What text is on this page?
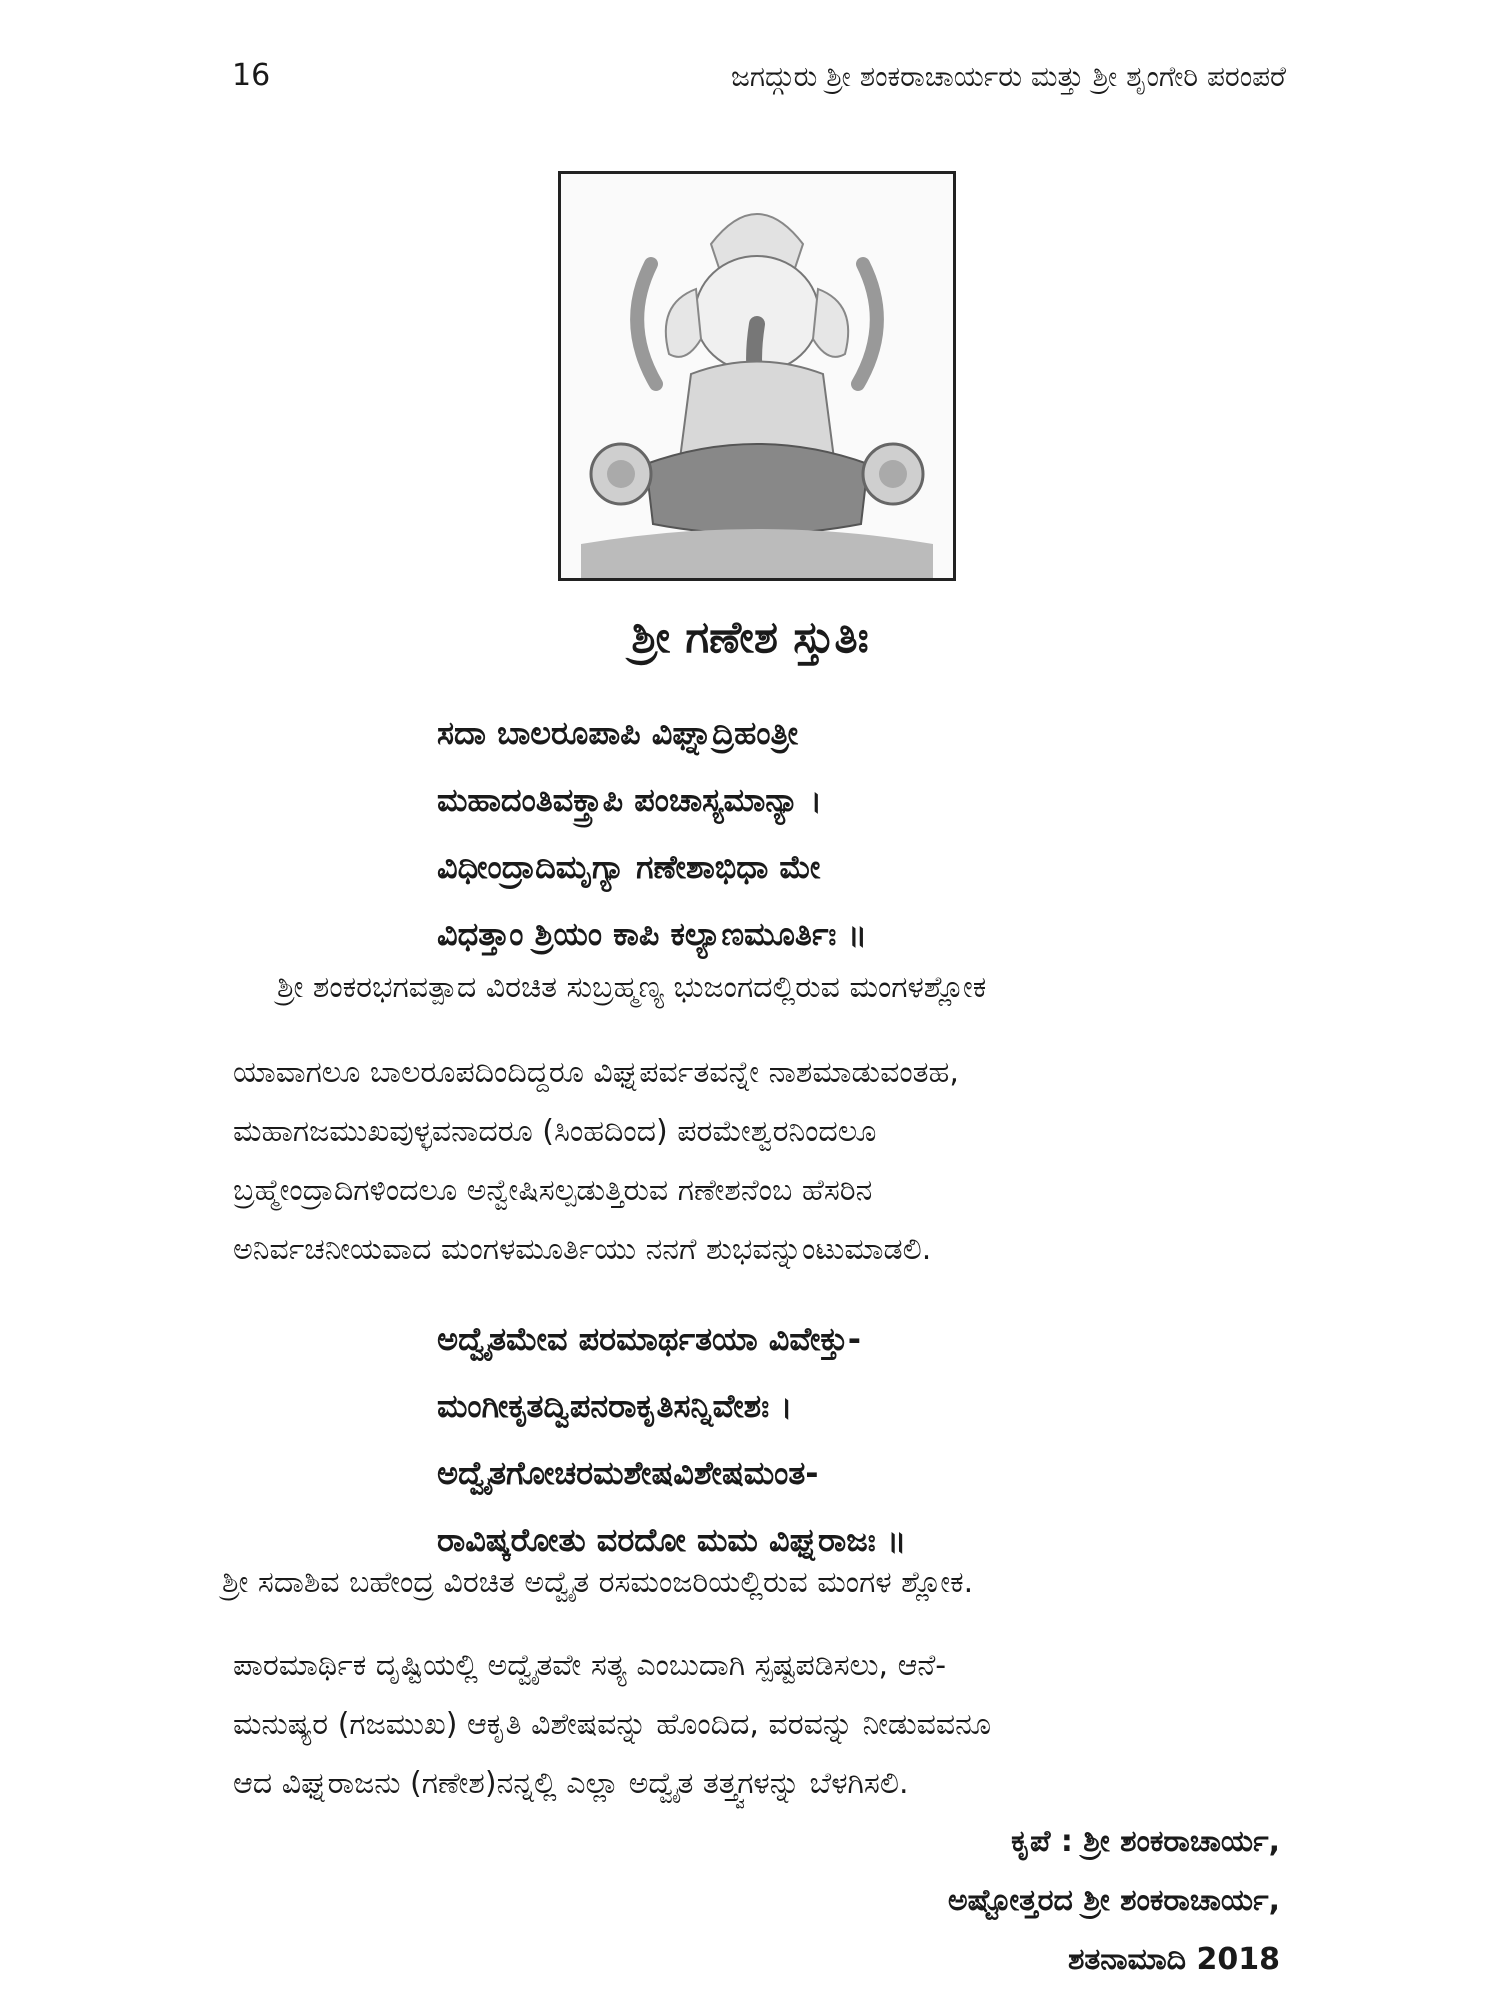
16	ಜಗದ್ಗುರು ಶ್ರೀ ಶಂಕರಾಚಾರ್ಯರು ಮತ್ತು ಶ್ರೀ ಶೃಂಗೇರಿ ಪರಂಪರೆ
ಶ್ರೀ ಗಣೇಶ ಸ್ತುತಿಃ
ಸದಾ ಬಾಲರೂಪಾಪಿ ವಿಘ್ನಾದ್ರಿಹಂತ್ರೀ
ಮಹಾದಂತಿವಕ್ತ್ರಾಪಿ ಪಂಚಾಸ್ಯಮಾನ್ಯಾ ।
ವಿಧೀಂದ್ರಾದಿಮೃಗ್ಯಾ ಗಣೇಶಾಭಿಧಾ ಮೇ
ವಿಧತ್ತಾಂ ಶ್ರಿಯಂ ಕಾಪಿ ಕಲ್ಯಾಣಮೂರ್ತಿಃ ॥
ಶ್ರೀ ಶಂಕರಭಗವತ್ಪಾದ ವಿರಚಿತ ಸುಬ್ರಹ್ಮಣ್ಯ ಭುಜಂಗದಲ್ಲಿರುವ ಮಂಗಳಶ್ಲೋಕ
ಯಾವಾಗಲೂ ಬಾಲರೂಪದಿಂದಿದ್ದರೂ ವಿಘ್ನಪರ್ವತವನ್ನೇ ನಾಶಮಾಡುವಂತಹ,
ಮಹಾಗಜಮುಖವುಳ್ಳವನಾದರೂ (ಸಿಂಹದಿಂದ) ಪರಮೇಶ್ವರನಿಂದಲೂ
ಬ್ರಹ್ಮೇಂದ್ರಾದಿಗಳಿಂದಲೂ ಅನ್ವೇಷಿಸಲ್ಪಡುತ್ತಿರುವ ಗಣೇಶನೆಂಬ ಹೆಸರಿನ
ಅನಿರ್ವಚನೀಯವಾದ ಮಂಗಳಮೂರ್ತಿಯು ನನಗೆ ಶುಭವನ್ನುಂಟುಮಾಡಲಿ.
ಅದ್ವೈತಮೇವ ಪರಮಾರ್ಥತಯಾ ವಿವೇಕ್ತು-
ಮಂಗೀಕೃತದ್ವಿಪನರಾಕೃತಿಸನ್ನಿವೇಶಃ ।
ಅದ್ವೈತಗೋಚರಮಶೇಷವಿಶೇಷಮಂತ-
ರಾವಿಷ್ಕರೋತು ವರದೋ ಮಮ ವಿಘ್ನರಾಜಃ ॥
ಶ್ರೀ ಸದಾಶಿವ ಬಹೇಂದ್ರ ವಿರಚಿತ ಅದ್ವೈತ ರಸಮಂಜರಿಯಲ್ಲಿರುವ ಮಂಗಳ ಶ್ಲೋಕ.
ಪಾರಮಾರ್ಥಿಕ ದೃಷ್ಟಿಯಲ್ಲಿ ಅದ್ವೈತವೇ ಸತ್ಯ ಎಂಬುದಾಗಿ ಸ್ಪಷ್ಟಪಡಿಸಲು, ಆನೆ-
ಮನುಷ್ಯರ (ಗಜಮುಖ) ಆಕೃತಿ ವಿಶೇಷವನ್ನು ಹೊಂದಿದ, ವರವನ್ನು ನೀಡುವವನೂ
ಆದ ವಿಘ್ನರಾಜನು (ಗಣೇಶ)ನನ್ನಲ್ಲಿ ಎಲ್ಲಾ ಅದ್ವೈತ ತತ್ತ್ವಗಳನ್ನು ಬೆಳಗಿಸಲಿ.
ಕೃಪೆ : ಶ್ರೀ ಶಂಕರಾಚಾರ್ಯ,
ಅಷ್ಟೋತ್ತರದ ಶ್ರೀ ಶಂಕರಾಚಾರ್ಯ,
ಶತನಾಮಾದಿ 2018
